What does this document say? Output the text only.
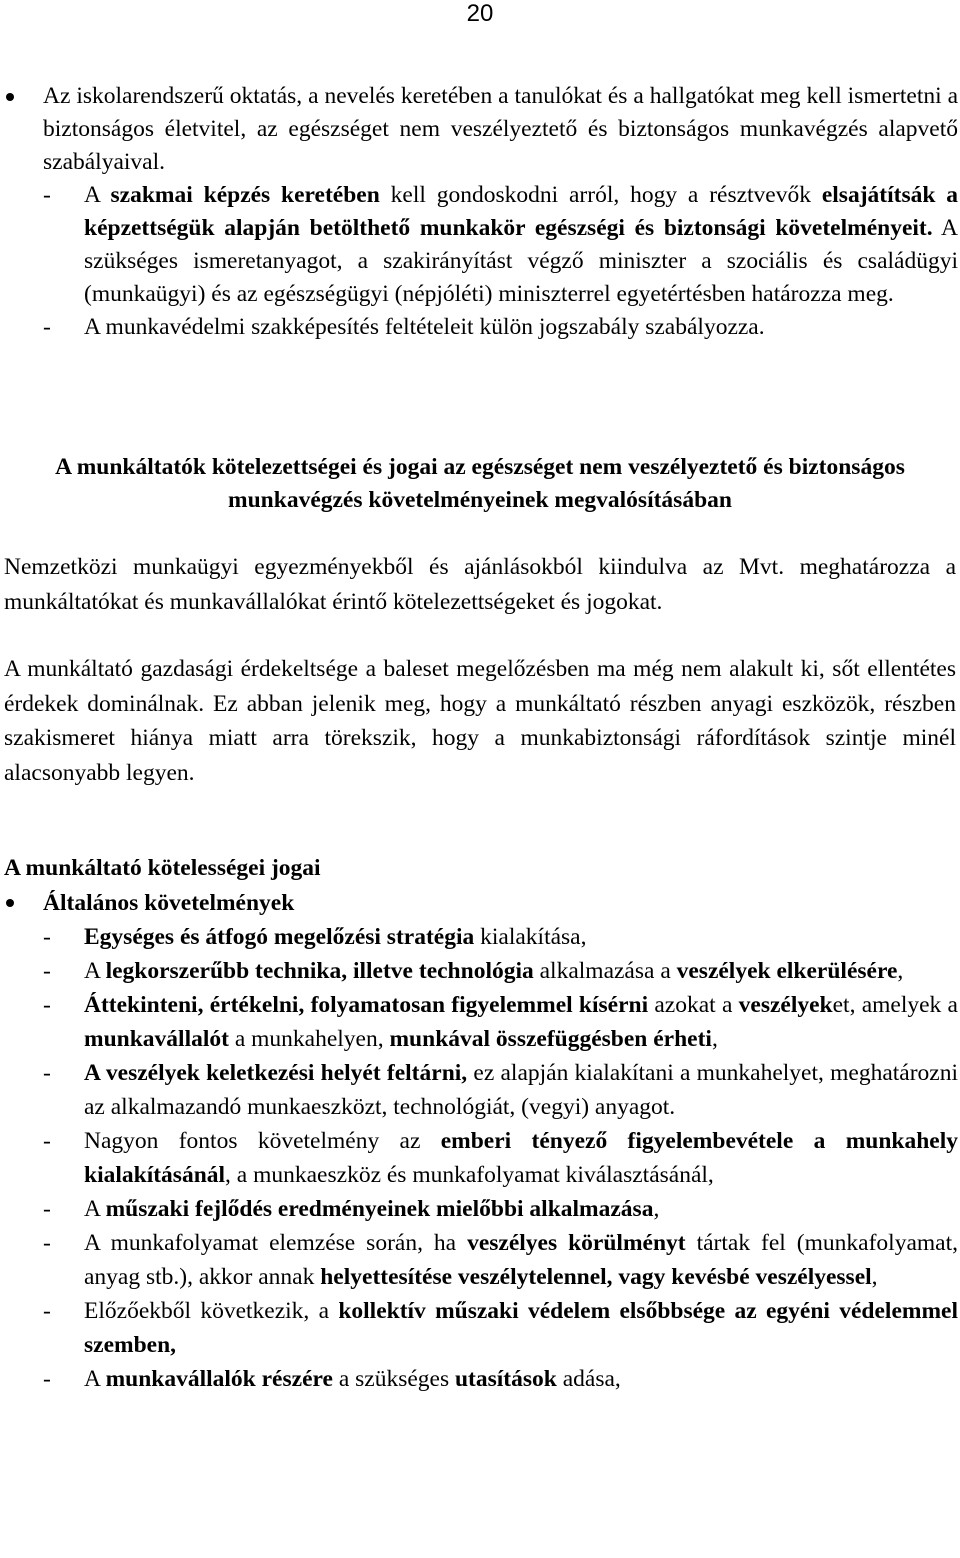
20
Az iskolarendszerű oktatás, a nevelés keretében a tanulókat és a hallgatókat meg kell ismertetni a biztonságos életvitel, az egészséget nem veszélyeztető és biztonságos munkavégzés alapvető szabályaival.
-	A szakmai képzés keretében kell gondoskodni arról, hogy a résztvevők elsajátítsák a képzettségük alapján betölthető munkakör egészségi és biztonsági követelményeit. A szükséges ismeretanyagot, a szakirányítást végző miniszter a szociális és családügyi (munkaügyi) és az egészségügyi (népjóléti) miniszterrel egyetértésben határozza meg.
- A munkavédelmi szakképesítés feltételeit külön jogszabály szabályozza.
A munkáltatók kötelezettségei és jogai az egészséget nem veszélyeztető és biztonságos munkavégzés követelményeinek megvalósításában
Nemzetközi munkaügyi egyezményekből és ajánlásokból kiindulva az Mvt. meghatározza a munkáltatókat és munkavállalókat érintő kötelezettségeket és jogokat.
A munkáltató gazdasági érdekeltsége a baleset megelőzésben ma még nem alakult ki, sőt ellentétes érdekek dominálnak. Ez abban jelenik meg, hogy a munkáltató részben anyagi eszközök, részben szakismeret hiánya miatt arra törekszik, hogy a munkabiztonsági ráfordítások szintje minél alacsonyabb legyen.
A munkáltató kötelességei jogai
Általános követelmények
- Egységes és átfogó megelőzési stratégia kialakítása,
- A legkorszerűbb technika, illetve technológia alkalmazása a veszélyek elkerülésére,
- Áttekinteni, értékelni, folyamatosan figyelemmel kísérni azokat a veszélyeket, amelyek a munkavállalót a munkahelyen, munkával összefüggésben érheti,
- A veszélyek keletkezési helyét feltárni, ez alapján kialakítani a munkahelyet, meghatározni az alkalmazandó munkaeszközt, technológiát, (vegyi) anyagot.
- Nagyon fontos követelmény az emberi tényező figyelembevétele a munkahely kialakításánál, a munkaeszköz és munkafolyamat kiválasztásánál,
- A műszaki fejlődés eredményeinek mielőbbi alkalmazása,
- A munkafolyamat elemzése során, ha veszélyes körülményt tártak fel (munkafolyamat, anyag stb.), akkor annak helyettesítése veszélytelennel, vagy kevésbé veszélyessel,
- Előzőekből következik, a kollektív műszaki védelem elsőbbsége az egyéni védelemmel szemben,
- A munkavállalók részére a szükséges utasítások adása,
